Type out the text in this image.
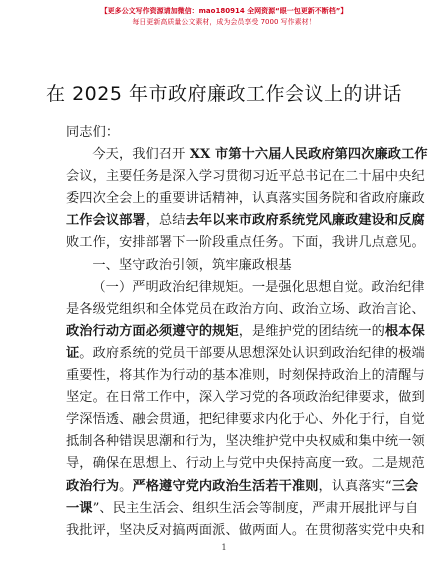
【更多公文写作资源请加微信：mao180914 全网资源“眼一包更新不断档”】
每日更新高质量公文素材，成为会员享受 7000 写作素材！
在 2025 年市政府廉政工作会议上的讲话
同志们：
今天，我们召开 XX 市第十六届人民政府第四次廉政工作
会议，主要任务是深入学习贯彻习近平总书记在二十届中央纪
委四次全会上的重要讲话精神，认真落实国务院和省政府廉政
工作会议部署，总结去年以来市政府系统党风廉政建设和反腐
败工作，安排部署下一阶段重点任务。下面，我讲几点意见。
一、坚守政治引领，筑牢廉政根基
（一）严明政治纪律规矩。一是强化思想自觉。政治纪律
是各级党组织和全体党员在政治方向、政治立场、政治言论、
政治行动方面必须遵守的规矩，是维护党的团结统一的根本保
证。政府系统的党员干部要从思想深处认识到政治纪律的极端
重要性，将其作为行动的基本准则，时刻保持政治上的清醒与
坚定。在日常工作中，深入学习党的各项政治纪律要求，做到
学深悟透、融会贯通，把纪律要求内化于心、外化于行，自觉
抵制各种错误思潮和行为，坚决维护党中央权威和集中统一领
导，确保在思想上、行动上与党中央保持高度一致。二是规范
政治行为。严格遵守党内政治生活若干准则，认真落实“三会
一课”、民主生活会、组织生活会等制度，严肃开展批评与自
我批评，坚决反对搞两面派、做两面人。在贯彻落实党中央和
1
